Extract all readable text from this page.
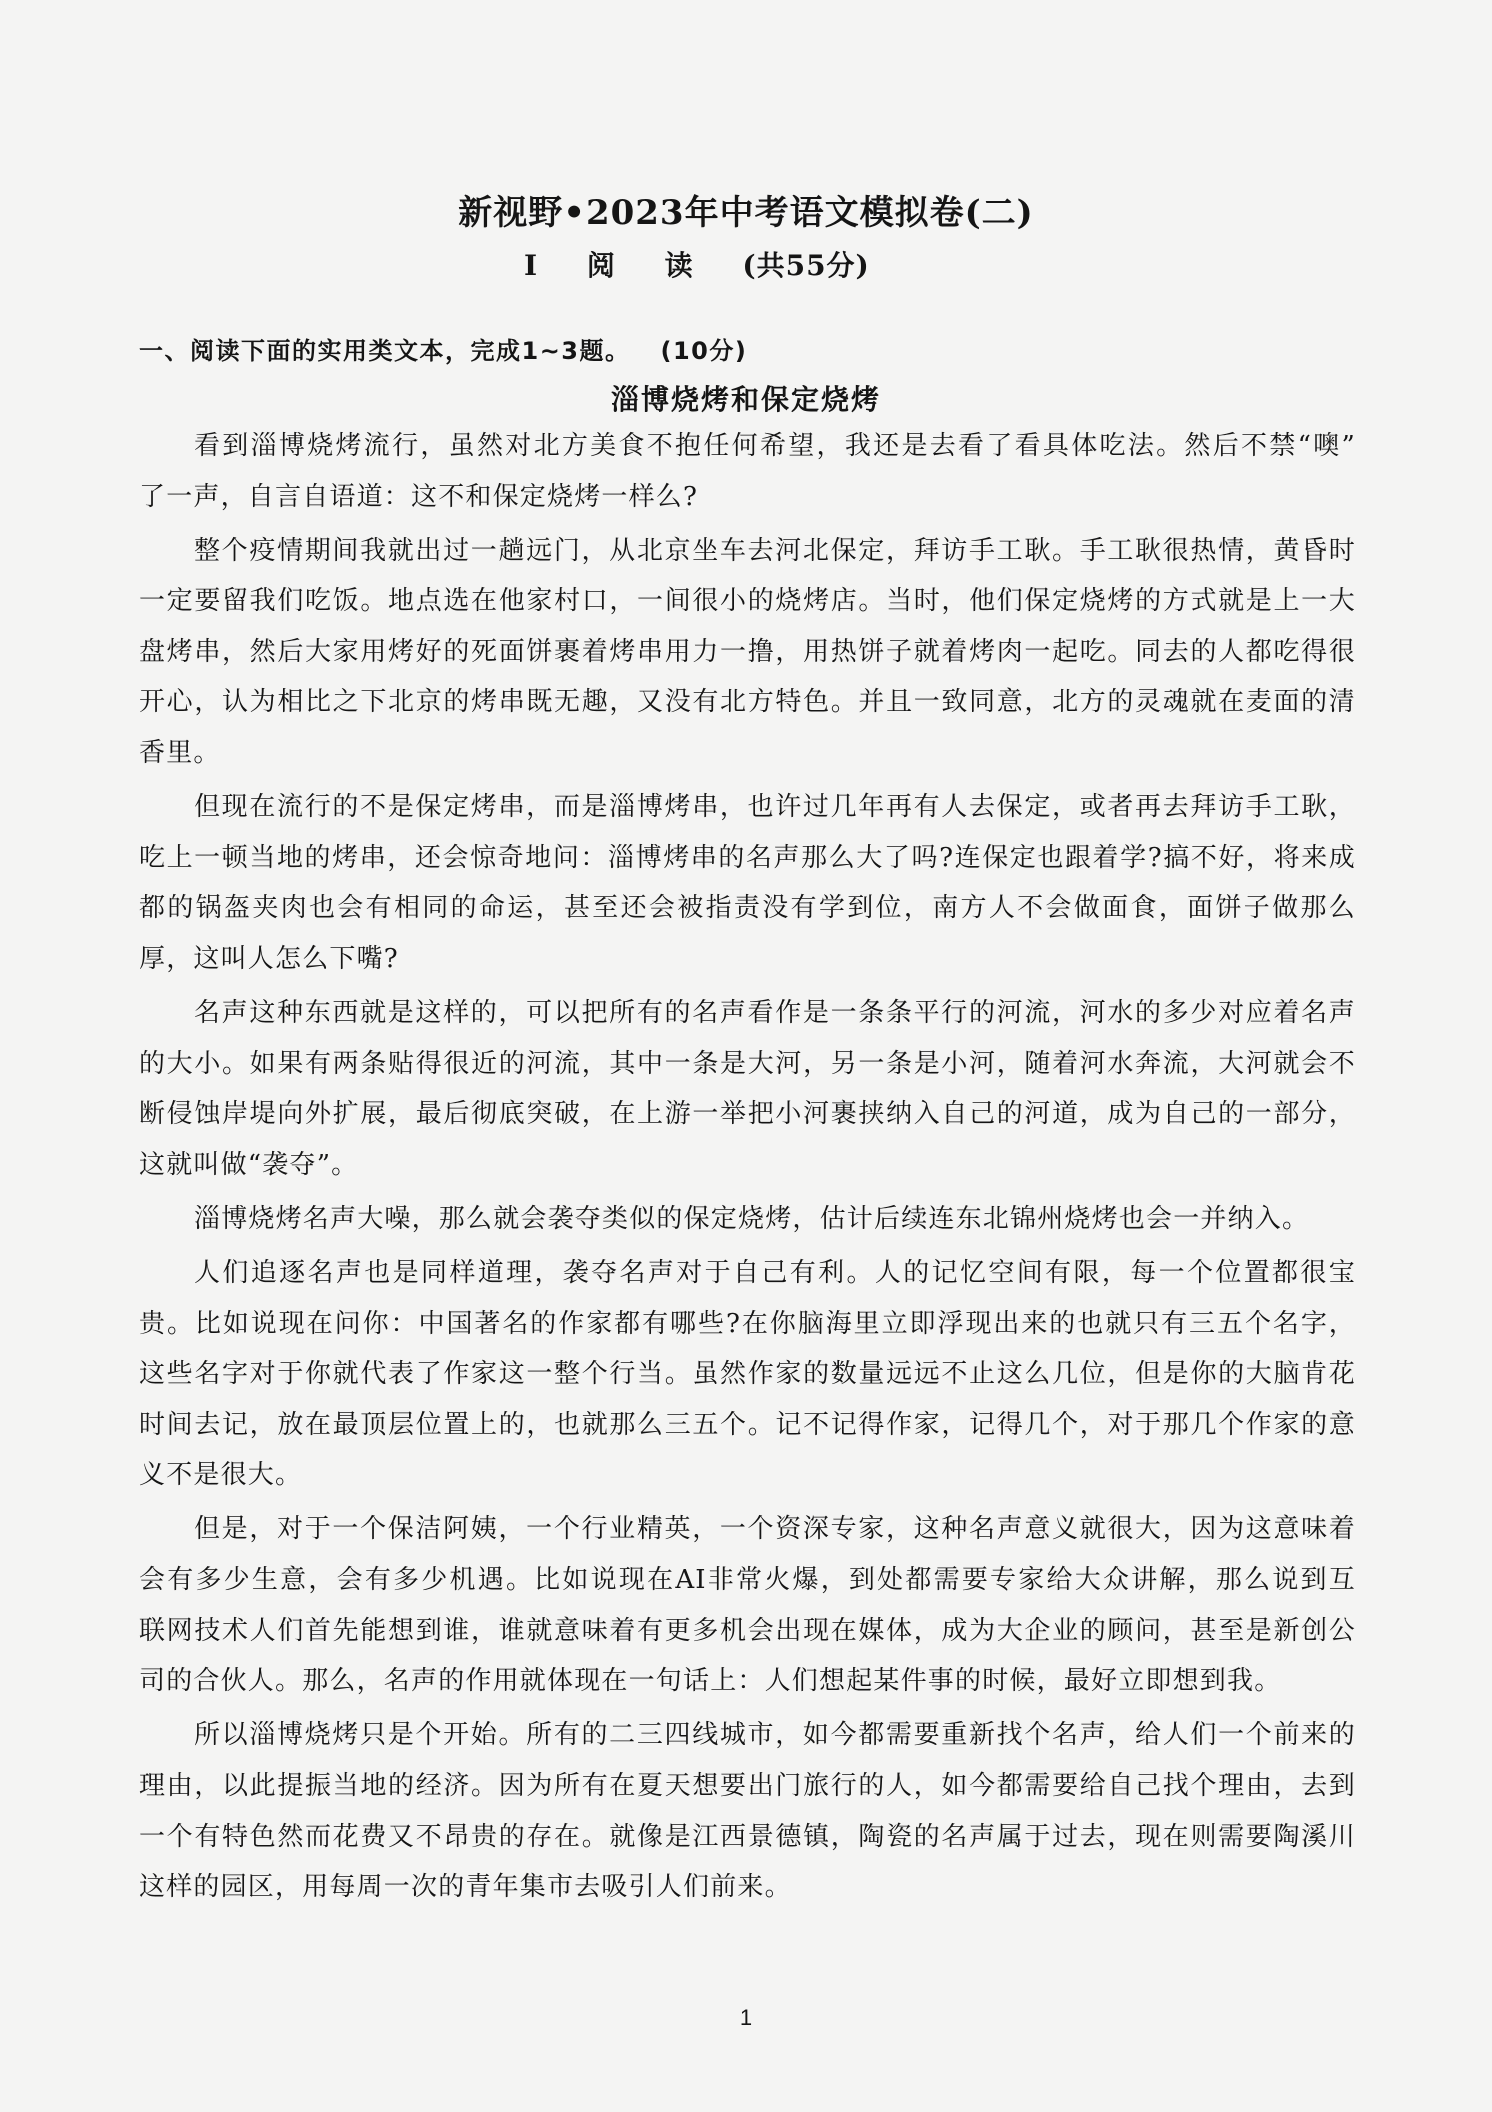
新视野•2023年中考语文模拟卷(二)
I 阅 读 (共55分)
一、阅读下面的实用类文本，完成1~3题。 (10分)
淄博烧烤和保定烧烤
看到淄博烧烤流行，虽然对北方美食不抱任何希望，我还是去看了看具体吃法。然后不禁“噢”
了一声，自言自语道：这不和保定烧烤一样么?
整个疫情期间我就出过一趟远门，从北京坐车去河北保定，拜访手工耿。手工耿很热情，黄昏时
一定要留我们吃饭。地点选在他家村口，一间很小的烧烤店。当时，他们保定烧烤的方式就是上一大
盘烤串，然后大家用烤好的死面饼裹着烤串用力一撸，用热饼子就着烤肉一起吃。同去的人都吃得很
开心，认为相比之下北京的烤串既无趣，又没有北方特色。并且一致同意，北方的灵魂就在麦面的清
香里。
但现在流行的不是保定烤串，而是淄博烤串，也许过几年再有人去保定，或者再去拜访手工耿，
吃上一顿当地的烤串，还会惊奇地问：淄博烤串的名声那么大了吗?连保定也跟着学?搞不好，将来成
都的锅盔夹肉也会有相同的命运，甚至还会被指责没有学到位，南方人不会做面食，面饼子做那么
厚，这叫人怎么下嘴?
名声这种东西就是这样的，可以把所有的名声看作是一条条平行的河流，河水的多少对应着名声
的大小。如果有两条贴得很近的河流，其中一条是大河，另一条是小河，随着河水奔流，大河就会不
断侵蚀岸堤向外扩展，最后彻底突破，在上游一举把小河裹挟纳入自己的河道，成为自己的一部分，
这就叫做“袭夺”。
淄博烧烤名声大噪，那么就会袭夺类似的保定烧烤，估计后续连东北锦州烧烤也会一并纳入。
人们追逐名声也是同样道理，袭夺名声对于自己有利。人的记忆空间有限，每一个位置都很宝
贵。比如说现在问你：中国著名的作家都有哪些?在你脑海里立即浮现出来的也就只有三五个名字，
这些名字对于你就代表了作家这一整个行当。虽然作家的数量远远不止这么几位，但是你的大脑肯花
时间去记，放在最顶层位置上的，也就那么三五个。记不记得作家，记得几个，对于那几个作家的意
义不是很大。
但是，对于一个保洁阿姨，一个行业精英，一个资深专家，这种名声意义就很大，因为这意味着
会有多少生意，会有多少机遇。比如说现在AI非常火爆，到处都需要专家给大众讲解，那么说到互
联网技术人们首先能想到谁，谁就意味着有更多机会出现在媒体，成为大企业的顾问，甚至是新创公
司的合伙人。那么，名声的作用就体现在一句话上：人们想起某件事的时候，最好立即想到我。
所以淄博烧烤只是个开始。所有的二三四线城市，如今都需要重新找个名声，给人们一个前来的
理由，以此提振当地的经济。因为所有在夏天想要出门旅行的人，如今都需要给自己找个理由，去到
一个有特色然而花费又不昂贵的存在。就像是江西景德镇，陶瓷的名声属于过去，现在则需要陶溪川
这样的园区，用每周一次的青年集市去吸引人们前来。
1
